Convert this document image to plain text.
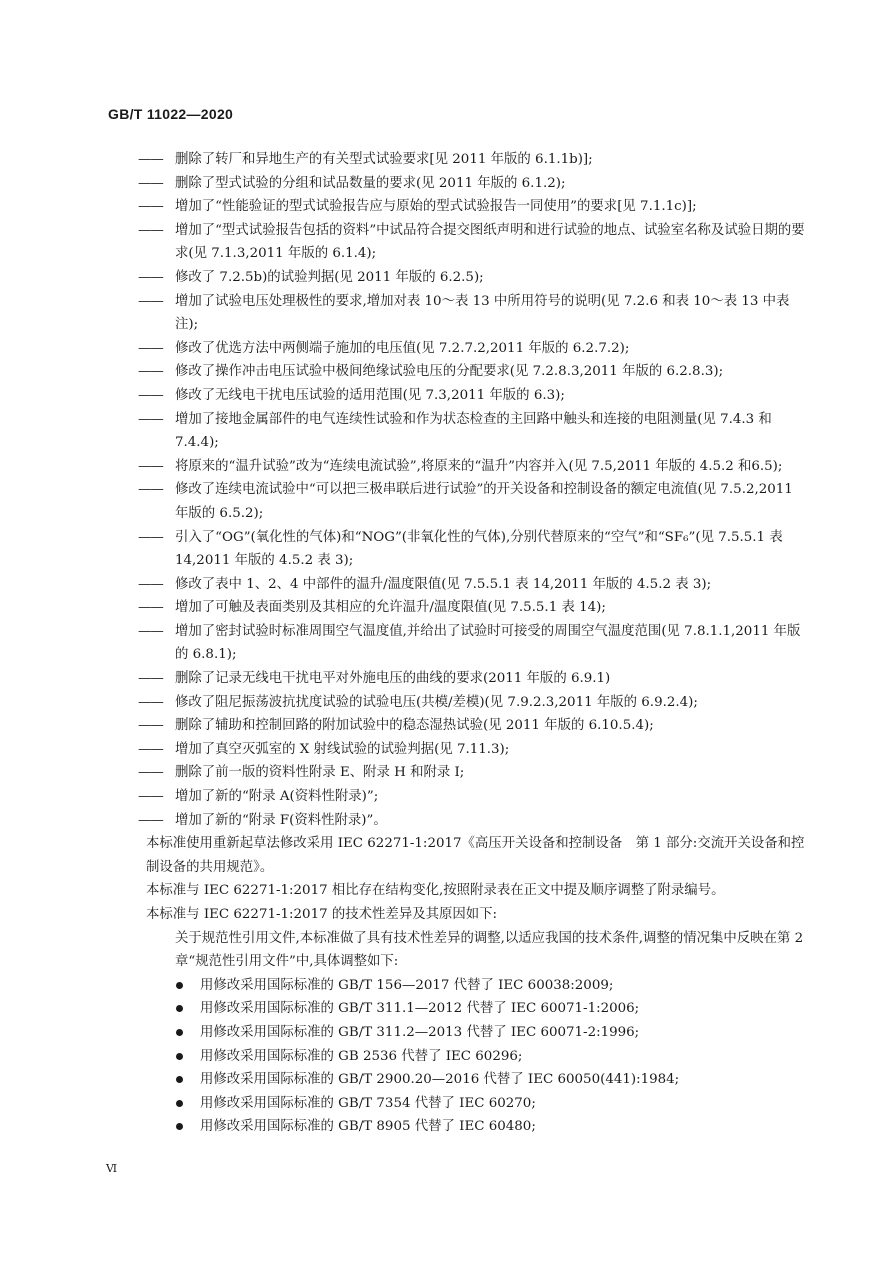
GB/T 11022—2020

—— 删除了转厂和异地生产的有关型式试验要求[见 2011 年版的 6.1.1b)];

—— 删除了型式试验的分组和试品数量的要求(见 2011 年版的 6.1.2);

—— 增加了“性能验证的型式试验报告应与原始的型式试验报告一同使用”的要求[见 7.1.1c)];

—— 增加了“型式试验报告包括的资料”中试品符合提交图纸声明和进行试验的地点、试验室名称及试验日期的要求(见 7.1.3,2011 年版的 6.1.4);

—— 修改了 7.2.5b)的试验判据(见 2011 年版的 6.2.5);

—— 增加了试验电压处理极性的要求,增加对表 10～表 13 中所用符号的说明(见 7.2.6 和表 10～表 13 中表注);

—— 修改了优选方法中两侧端子施加的电压值(见 7.2.7.2,2011 年版的 6.2.7.2);

—— 修改了操作冲击电压试验中极间绝缘试验电压的分配要求(见 7.2.8.3,2011 年版的 6.2.8.3);

—— 修改了无线电干扰电压试验的适用范围(见 7.3,2011 年版的 6.3);

—— 增加了接地金属部件的电气连续性试验和作为状态检查的主回路中触头和连接的电阻测量(见 7.4.3 和 7.4.4);

—— 将原来的“温升试验”改为“连续电流试验”,将原来的“温升”内容并入(见 7.5,2011 年版的 4.5.2 和6.5);

—— 修改了连续电流试验中“可以把三极串联后进行试验”的开关设备和控制设备的额定电流值(见 7.5.2,2011 年版的 6.5.2);

—— 引入了“OG”(氧化性的气体)和“NOG”(非氧化性的气体),分别代替原来的“空气”和“SF₆”(见 7.5.5.1 表 14,2011 年版的 4.5.2 表 3);

—— 修改了表中 1、2、4 中部件的温升/温度限值(见 7.5.5.1 表 14,2011 年版的 4.5.2 表 3);

—— 增加了可触及表面类别及其相应的允许温升/温度限值(见 7.5.5.1 表 14);

—— 增加了密封试验时标准周围空气温度值,并给出了试验时可接受的周围空气温度范围(见 7.8.1.1,2011 年版的 6.8.1);

—— 删除了记录无线电干扰电平对外施电压的曲线的要求(2011 年版的 6.9.1)

—— 修改了阻尼振荡波抗扰度试验的试验电压(共模/差模)(见 7.9.2.3,2011 年版的 6.9.2.4);

—— 删除了辅助和控制回路的附加试验中的稳态湿热试验(见 2011 年版的 6.10.5.4);

—— 增加了真空灭弧室的 X 射线试验的试验判据(见 7.11.3);

—— 删除了前一版的资料性附录 E、附录 H 和附录 I;

—— 增加了新的“附录 A(资料性附录)”;

—— 增加了新的“附录 F(资料性附录)”。

本标准使用重新起草法修改采用 IEC 62271-1:2017《高压开关设备和控制设备　第 1 部分:交流开关设备和控制设备的共用规范》。

本标准与 IEC 62271-1:2017 相比存在结构变化,按照附录表在正文中提及顺序调整了附录编号。

本标准与 IEC 62271-1:2017 的技术性差异及其原因如下:

关于规范性引用文件,本标准做了具有技术性差异的调整,以适应我国的技术条件,调整的情况集中反映在第 2 章“规范性引用文件”中,具体调整如下:

用修改采用国际标准的 GB/T 156—2017 代替了 IEC 60038:2009;

用修改采用国际标准的 GB/T 311.1—2012 代替了 IEC 60071-1:2006;

用修改采用国际标准的 GB/T 311.2—2013 代替了 IEC 60071-2:1996;

用修改采用国际标准的 GB 2536 代替了 IEC 60296;

用修改采用国际标准的 GB/T 2900.20—2016 代替了 IEC 60050(441):1984;

用修改采用国际标准的 GB/T 7354 代替了 IEC 60270;

用修改采用国际标准的 GB/T 8905 代替了 IEC 60480;

Ⅵ
